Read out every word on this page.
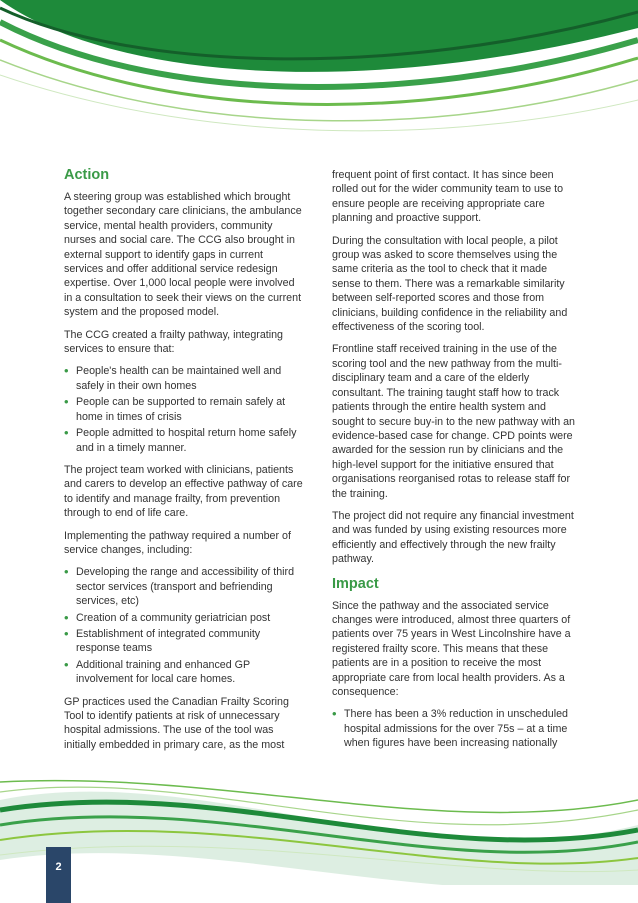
Action

A steering group was established which brought together secondary care clinicians, the ambulance service, mental health providers, community nurses and social care. The CCG also brought in external support to identify gaps in current services and offer additional service redesign expertise. Over 1,000 local people were involved in a consultation to seek their views on the current system and the proposed model.

The CCG created a frailty pathway, integrating services to ensure that:

• People's health can be maintained well and safely in their own homes
• People can be supported to remain safely at home in times of crisis
• People admitted to hospital return home safely and in a timely manner.

The project team worked with clinicians, patients and carers to develop an effective pathway of care to identify and manage frailty, from prevention through to end of life care.

Implementing the pathway required a number of service changes, including:

• Developing the range and accessibility of third sector services (transport and befriending services, etc)
• Creation of a community geriatrician post
• Establishment of integrated community response teams
• Additional training and enhanced GP involvement for local care homes.

GP practices used the Canadian Frailty Scoring Tool to identify patients at risk of unnecessary hospital admissions. The use of the tool was initially embedded in primary care, as the most

frequent point of first contact. It has since been rolled out for the wider community team to use to ensure people are receiving appropriate care planning and proactive support.

During the consultation with local people, a pilot group was asked to score themselves using the same criteria as the tool to check that it made sense to them. There was a remarkable similarity between self-reported scores and those from clinicians, building confidence in the reliability and effectiveness of the scoring tool.

Frontline staff received training in the use of the scoring tool and the new pathway from the multi-disciplinary team and a care of the elderly consultant. The training taught staff how to track patients through the entire health system and sought to secure buy-in to the new pathway with an evidence-based case for change. CPD points were awarded for the session run by clinicians and the high-level support for the initiative ensured that organisations reorganised rotas to release staff for the training.

The project did not require any financial investment and was funded by using existing resources more efficiently and effectively through the new frailty pathway.

Impact

Since the pathway and the associated service changes were introduced, almost three quarters of patients over 75 years in West Lincolnshire have a registered frailty score. This means that these patients are in a position to receive the most appropriate care from local health providers. As a consequence:

• There has been a 3% reduction in unscheduled hospital admissions for the over 75s – at a time when figures have been increasing nationally
2
